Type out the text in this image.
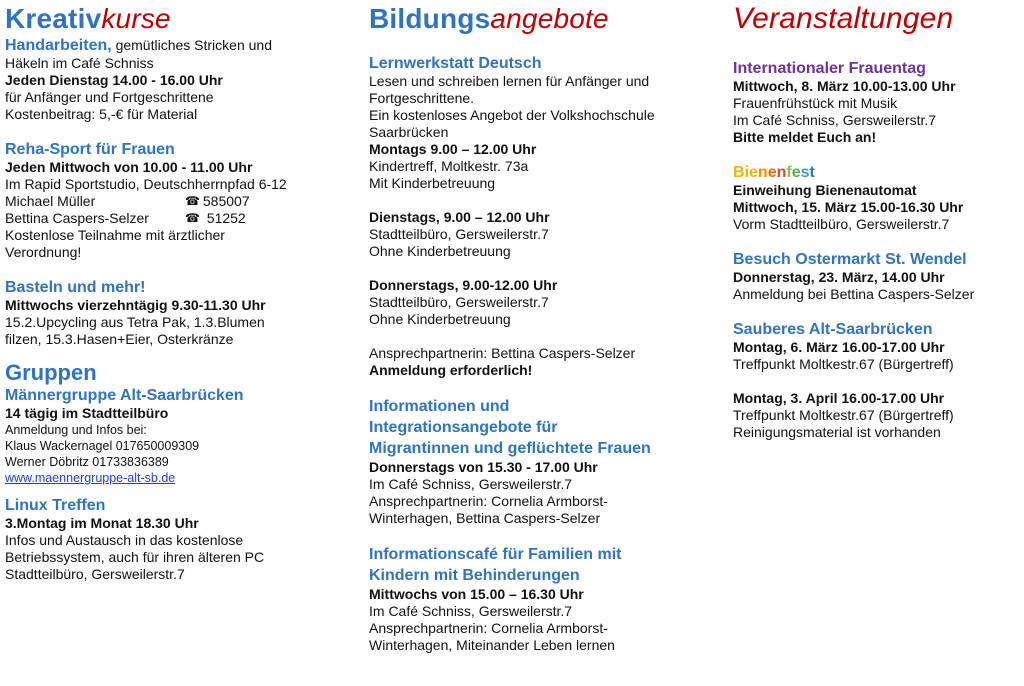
Kreativkurse
Handarbeiten, gemütliches Stricken und
Häkeln im Café Schniss
Jeden Dienstag 14.00 - 16.00 Uhr
für Anfänger und Fortgeschrittene
Kostenbeitrag: 5,-€ für Material
Reha-Sport für Frauen
Jeden Mittwoch von 10.00 - 11.00 Uhr
Im Rapid Sportstudio, Deutschherrnpfad 6-12
Michael Müller	☎
585007
Bettina Caspers-Selzer	☎
51252
Kostenlose Teilnahme mit ärztlicher
Verordnung!
Basteln und mehr!
Mittwochs vierzehntägig 9.30-11.30 Uhr
15.2.Upcycling aus Tetra Pak, 1.3.Blumen
filzen, 15.3.Hasen+Eier, Osterkränze
Gruppen
Männergruppe Alt-Saarbrücken
14 tägig im Stadtteilbüro
Anmeldung und Infos bei:
Klaus Wackernagel 017650009309
Werner Döbritz 01733836389
www.maennergruppe-alt-sb.de
Linux Treffen
3.Montag im Monat 18.30 Uhr
Infos und Austausch in das kostenlose
Betriebssystem, auch für ihren älteren PC
Stadtteilbüro, Gersweilerstr.7
Bildungsangebote
Lernwerkstatt Deutsch
Lesen und schreiben lernen für Anfänger und
Fortgeschrittene.
Ein kostenloses Angebot der Volkshochschule
Saarbrücken
Montags 9.00 – 12.00 Uhr
Kindertreff, Moltkestr. 73a
Mit Kinderbetreuung
Dienstags, 9.00 – 12.00 Uhr
Stadtteilbüro, Gersweilerstr.7
Ohne Kinderbetreuung
Donnerstags, 9.00-12.00 Uhr
Stadtteilbüro, Gersweilerstr.7
Ohne Kinderbetreuung
Ansprechpartnerin: Bettina Caspers-Selzer
Anmeldung erforderlich!
Informationen und
Integrationsangebote für
Migrantinnen und geflüchtete Frauen
Donnerstags von 15.30 - 17.00 Uhr
Im Café Schniss, Gersweilerstr.7
Ansprechpartnerin: Cornelia Armborst-
Winterhagen, Bettina Caspers-Selzer
Informationscafé für Familien mit
Kindern mit Behinderungen
Mittwochs von 15.00 – 16.30 Uhr
Im Café Schniss, Gersweilerstr.7
Ansprechpartnerin: Cornelia Armborst-
Winterhagen, Miteinander Leben lernen
Veranstaltungen
Internationaler Frauentag
Mittwoch, 8. März 10.00-13.00 Uhr
Frauenfrühstück mit Musik
Im Café Schniss, Gersweilerstr.7
Bitte meldet Euch an!
Bienenfest
Einweihung Bienenautomat
Mittwoch, 15. März 15.00-16.30 Uhr
Vorm Stadtteilbüro, Gersweilerstr.7
Besuch Ostermarkt St. Wendel
Donnerstag, 23. März, 14.00 Uhr
Anmeldung bei Bettina Caspers-Selzer
Sauberes Alt-Saarbrücken
Montag, 6. März 16.00-17.00 Uhr
Treffpunkt Moltkestr.67 (Bürgertreff)
Montag, 3. April 16.00-17.00 Uhr
Treffpunkt Moltkestr.67 (Bürgertreff)
Reinigungsmaterial ist vorhanden
